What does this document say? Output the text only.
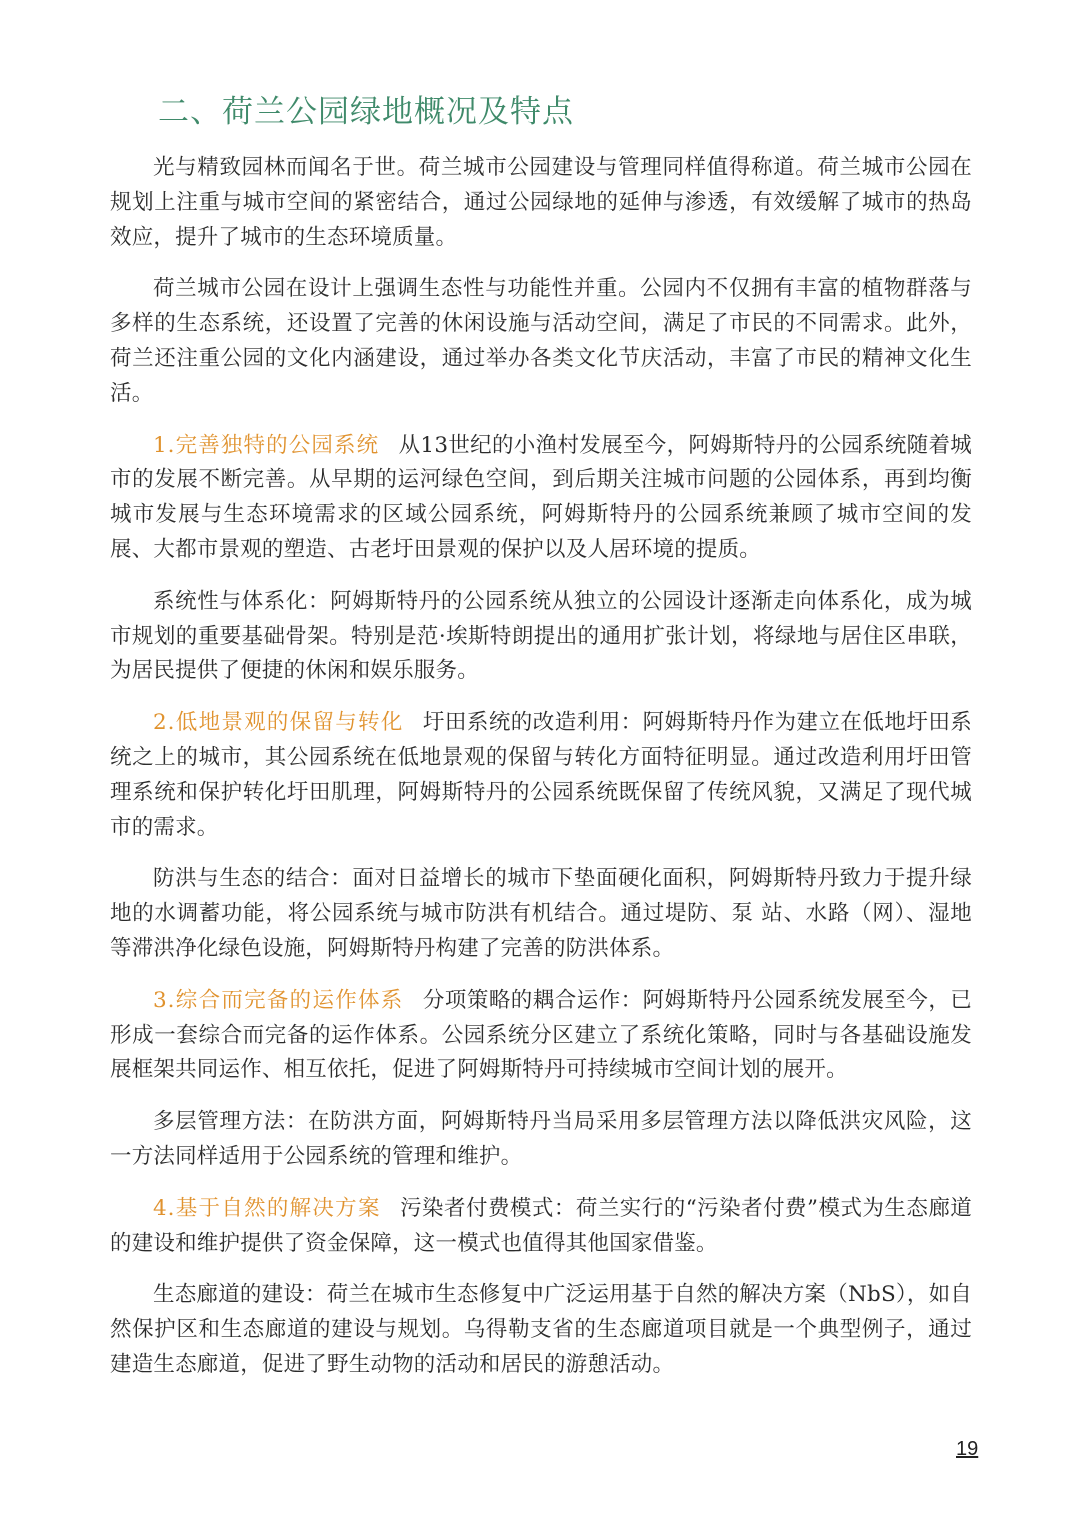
二、荷兰公园绿地概况及特点

光与精致园林而闻名于世。荷兰城市公园建设与管理同样值得称道。荷兰城市公园在规划上注重与城市空间的紧密结合，通过公园绿地的延伸与渗透，有效缓解了城市的热岛效应，提升了城市的生态环境质量。

荷兰城市公园在设计上强调生态性与功能性并重。公园内不仅拥有丰富的植物群落与多样的生态系统，还设置了完善的休闲设施与活动空间，满足了市民的不同需求。此外，荷兰还注重公园的文化内涵建设，通过举办各类文化节庆活动，丰富了市民的精神文化生活。

1.完善独特的公园系统 从13世纪的小渔村发展至今，阿姆斯特丹的公园系统随着城市的发展不断完善。从早期的运河绿色空间，到后期关注城市问题的公园体系，再到均衡城市发展与生态环境需求的区域公园系统，阿姆斯特丹的公园系统兼顾了城市空间的发展、大都市景观的塑造、古老圩田景观的保护以及人居环境的提质。

系统性与体系化：阿姆斯特丹的公园系统从独立的公园设计逐渐走向体系化，成为城市规划的重要基础骨架。特别是范·埃斯特朗提出的通用扩张计划，将绿地与居住区串联，为居民提供了便捷的休闲和娱乐服务。

2.低地景观的保留与转化 圩田系统的改造利用：阿姆斯特丹作为建立在低地圩田系统之上的城市，其公园系统在低地景观的保留与转化方面特征明显。通过改造利用圩田管理系统和保护转化圩田肌理，阿姆斯特丹的公园系统既保留了传统风貌，又满足了现代城市的需求。

防洪与生态的结合：面对日益增长的城市下垫面硬化面积，阿姆斯特丹致力于提升绿地的水调蓄功能，将公园系统与城市防洪有机结合。通过堤防、泵 站、水路（网）、湿地等滞洪净化绿色设施，阿姆斯特丹构建了完善的防洪体系。

3.综合而完备的运作体系 分项策略的耦合运作：阿姆斯特丹公园系统发展至今，已形成一套综合而完备的运作体系。公园系统分区建立了系统化策略，同时与各基础设施发展框架共同运作、相互依托，促进了阿姆斯特丹可持续城市空间计划的展开。

多层管理方法：在防洪方面，阿姆斯特丹当局采用多层管理方法以降低洪灾风险，这一方法同样适用于公园系统的管理和维护。

4.基于自然的解决方案 污染者付费模式：荷兰实行的“污染者付费”模式为生态廊道的建设和维护提供了资金保障，这一模式也值得其他国家借鉴。

生态廊道的建设：荷兰在城市生态修复中广泛运用基于自然的解决方案（NbS），如自然保护区和生态廊道的建设与规划。乌得勒支省的生态廊道项目就是一个典型例子，通过建造生态廊道，促进了野生动物的活动和居民的游憩活动。

19
